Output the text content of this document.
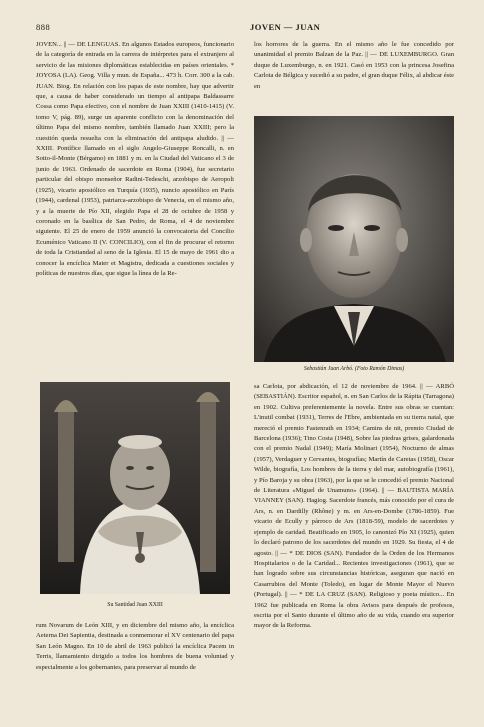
888	JOVEN — JUAN

JOVEN... || — DE LENGUAS. En algunos Estados europeos, funcionario de la categoría de entrada en la carrera de intérpretes para el extranjero al servicio de las misiones diplomáticas establecidas en países orientales. * JOYOSA (LA). Geog. Villa y mun. de España... 473 h. Corr. 300 a la cab. JUAN. Biog. En relación con los papas de este nombre, hay que advertir que, a causa de haber considerado un tiempo al antipapa Baldassarre Cossa como Papa efectivo, con el nombre de Juan XXIII (1410-1415) (V. tomo V, pág. 89), surge un aparente conflicto con la denominación del último Papa del mismo nombre, también llamado Juan XXIII; pero la cuestión queda resuelta con la eliminación del antipapa aludido. || — XXIII. Pontífice llamado en el siglo Angelo-Giuseppe Roncalli, n. en Sotto-il-Monte (Bérgamo) en 1881 y m. en la Ciudad del Vaticano el 3 de junio de 1963. Ordenado de sacerdote en Roma (1904), fue secretario particular del obispo monseñor Radini-Tedeschi, arzobispo de Aeropoli (1925), vicario apostólico en Turquía (1935), nuncio apostólico en París (1944), cardenal (1953), patriarca-arzobispo de Venecia, en el mismo año, y a la muerte de Pío XII, elegido Papa el 28 de octubre de 1958 y coronado en la basílica de San Pedro, de Roma, el 4 de noviembre siguiente. El 25 de enero de 1959 anunció la convocatoria del Concilio Ecuménico Vaticano II (V. CONCILIO), con el fin de procurar el retorno de toda la Cristiandad al seno de la Iglesia. El 15 de mayo de 1961 dio a conocer la encíclica Mater et Magistra, dedicada a cuestiones sociales y políticas de nuestros días, que sigue la línea de la Re-

los horrores de la guerra. En el mismo año le fue concedido por unanimidad el premio Balzan de la Paz. || — DE LUXEMBURGO. Gran duque de Luxemburgo, n. en 1921. Casó en 1953 con la princesa Josefina Carlota de Bélgica y sucedió a su padre, el gran duque Félix, al abdicar éste en

Sebastián Juan Arbó. (Foto Ramón Dimas)

sa Carlota, por abdicación, el 12 de noviembre de 1964. || — ARBÓ (SEBASTIÁN). Escritor español, n. en San Carlos de la Rápita (Tarragona) en 1902. Cultiva preferentemente la novela. Entre sus obras se cuentan: L'inutil combat (1931), Terres de l'Ebre, ambientada en su tierra natal, que mereció el premio Fastenrath en 1934; Camins de nit, premio Ciudad de Barcelona (1936); Tino Costa (1948), Sobre las piedras grises, galardonada con el premio Nadal (1949); María Molinari (1954), Nocturno de almas (1957), Verdaguer y Cervantes, biografías; Martín de Caretas (1958), Oscar Wilde, biografía, Los hombres de la tierra y del mar, autobiografía (1961), y Pío Baroja y su obra (1963), por la que se le concedió el premio Nacional de Literatura «Miguel de Unamuno» (1964). || — BAUTISTA MARÍA VIANNEY (SAN). Hagiog. Sacerdote francés, más conocido por el cura de Ars, n. en Dardilly (Rhône) y m. en Ars-en-Dombe (1786-1859). Fue vicario de Ecully y párroco de Ars (1818-59), modelo de sacerdotes y ejemplo de caridad. Beatificado en 1905, lo canonizó Pío XI (1925), quien lo declaró patrono de los sacerdotes del mundo en 1929. Su fiesta, el 4 de agosto. || — * DE DIOS (SAN). Fundador de la Orden de los Hermanos Hospitalarios o de la Caridad... Recientes investigaciones (1961), que se han logrado sobre sus circunstancias históricas, aseguran que nació en Casarrubios del Monte (Toledo), en lugar de Monte Mayor el Nuevo (Portugal). || — * DE LA CRUZ (SAN). Religioso y poeta místico... En 1962 fue publicada en Roma la obra Avisos para después de profesos, escrita por el Santo durante el último año de su vida, cuando era superior mayor de la Reforma.

Su Santidad Juan XXIII

rum Novarum de León XIII, y en diciembre del mismo año, la encíclica Aeterna Dei Sapientia, destinada a conmemorar el XV centenario del papa San León Magno. En 10 de abril de 1963 publicó la encíclica Pacem in Terris, llamamiento dirigido a todos los hombres de buena voluntad y especialmente a los gobernantes, para preservar al mundo de
